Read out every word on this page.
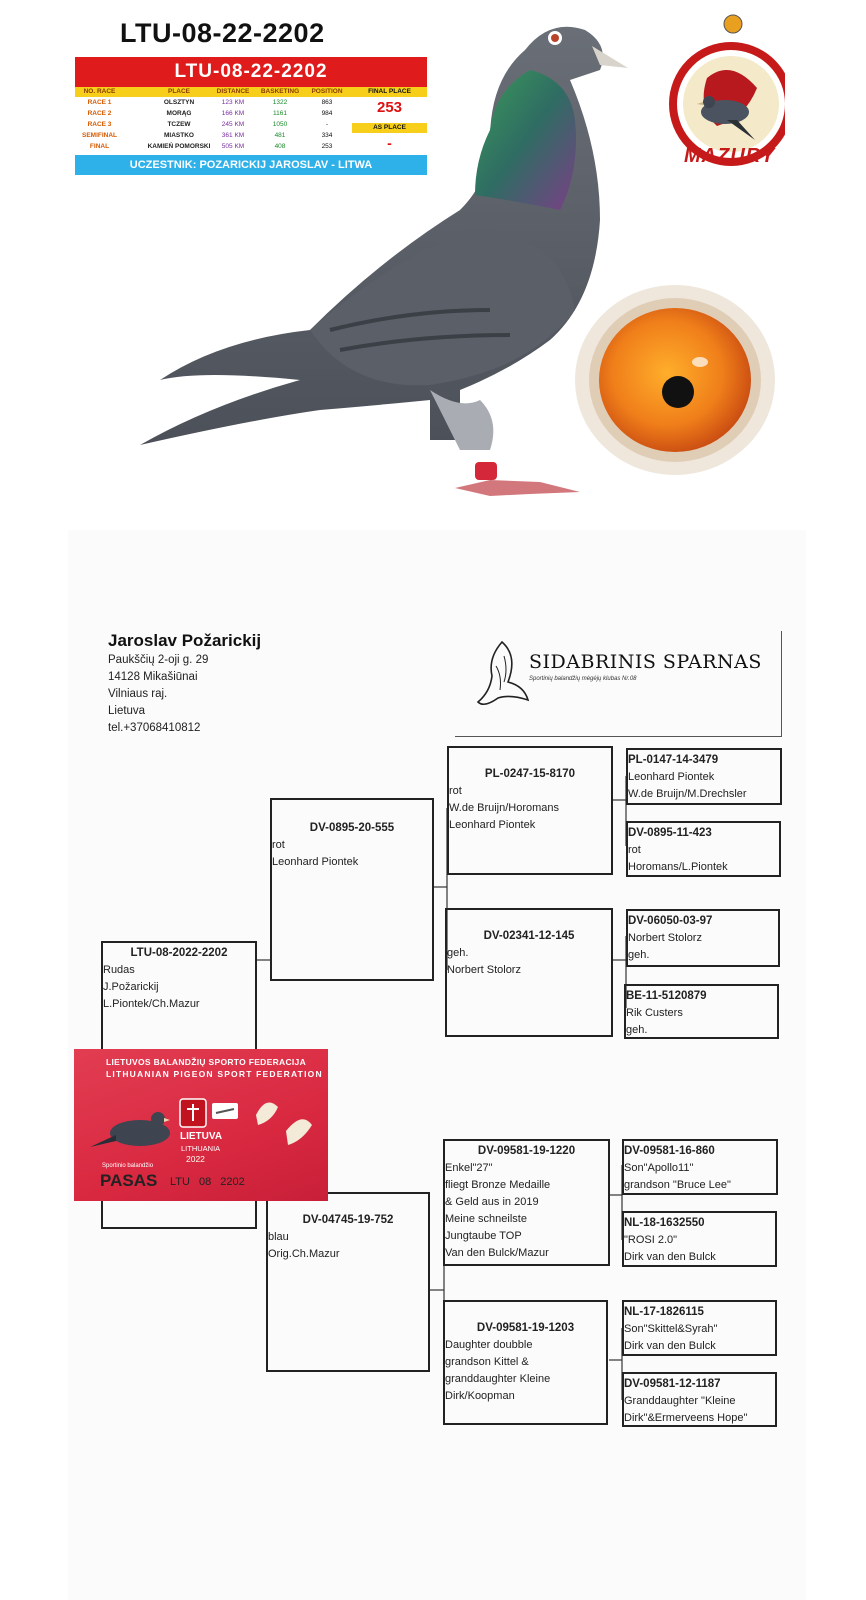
LTU-08-22-2202
LTU-08-22-2202
NO. RACE	PLACE	DISTANCE	BASKETING	POSITION
RACE 1	OLSZTYN	123 KM	1322	863
RACE 2	MORĄG	166 KM	1161	984
RACE 3	TCZEW	245 KM	1050	-
SEMIFINAL	MIASTKO	361 KM	481	334
FINAL	KAMIEŃ POMORSKI	505 KM	408	253
FINAL PLACE
253
AS PLACE
-
UCZESTNIK: POZARICKIJ JAROSLAV - LITWA	MAZURY
Jaroslav Požarickij
Paukščių 2-oji g. 29
14128 Mikašiūnai
Vilniaus raj.
Lietuva
tel.+37068410812
SIDABRINIS SPARNAS
Sportinių balandžių mėgėjų klubas Nr.08
LTU-08-2022-2202
Rudas
J.Požarickij
L.Piontek/Ch.Mazur
DV-0895-20-555
rot
Leonhard Piontek
DV-04745-19-752
blau
Orig.Ch.Mazur
PL-0247-15-8170
rot
W.de Bruijn/Horomans
Leonhard Piontek
DV-02341-12-145
geh.
Norbert Stolorz
DV-09581-19-1220
Enkel"27"
fliegt Bronze Medaille
& Geld aus in 2019
Meine schneilste
Jungtaube TOP
Van den Bulck/Mazur
DV-09581-19-1203
Daughter doubble
grandson Kittel &
granddaughter Kleine
Dirk/Koopman
PL-0147-14-3479
Leonhard Piontek
W.de Bruijn/M.Drechsler
DV-0895-11-423
rot
Horomans/L.Piontek
DV-06050-03-97
Norbert Stolorz
geh.
BE-11-5120879
Rik Custers
geh.
DV-09581-16-860
Son"Apollo11"
grandson "Bruce Lee"
NL-18-1632550
"ROSI 2.0"
Dirk van den Bulck
NL-17-1826115
Son"Skittel&Syrah"
Dirk van den Bulck
DV-09581-12-1187
Granddaughter "Kleine
Dirk"&Ermerveens Hope"
LIETUVOS BALANDŽIŲ SPORTO FEDERACIJA
LITHUANIAN PIGEON SPORT FEDERATION
LIETUVA
LITHUANIA
2022
Sportinio balandžio
PASAS LTU 08 2202
